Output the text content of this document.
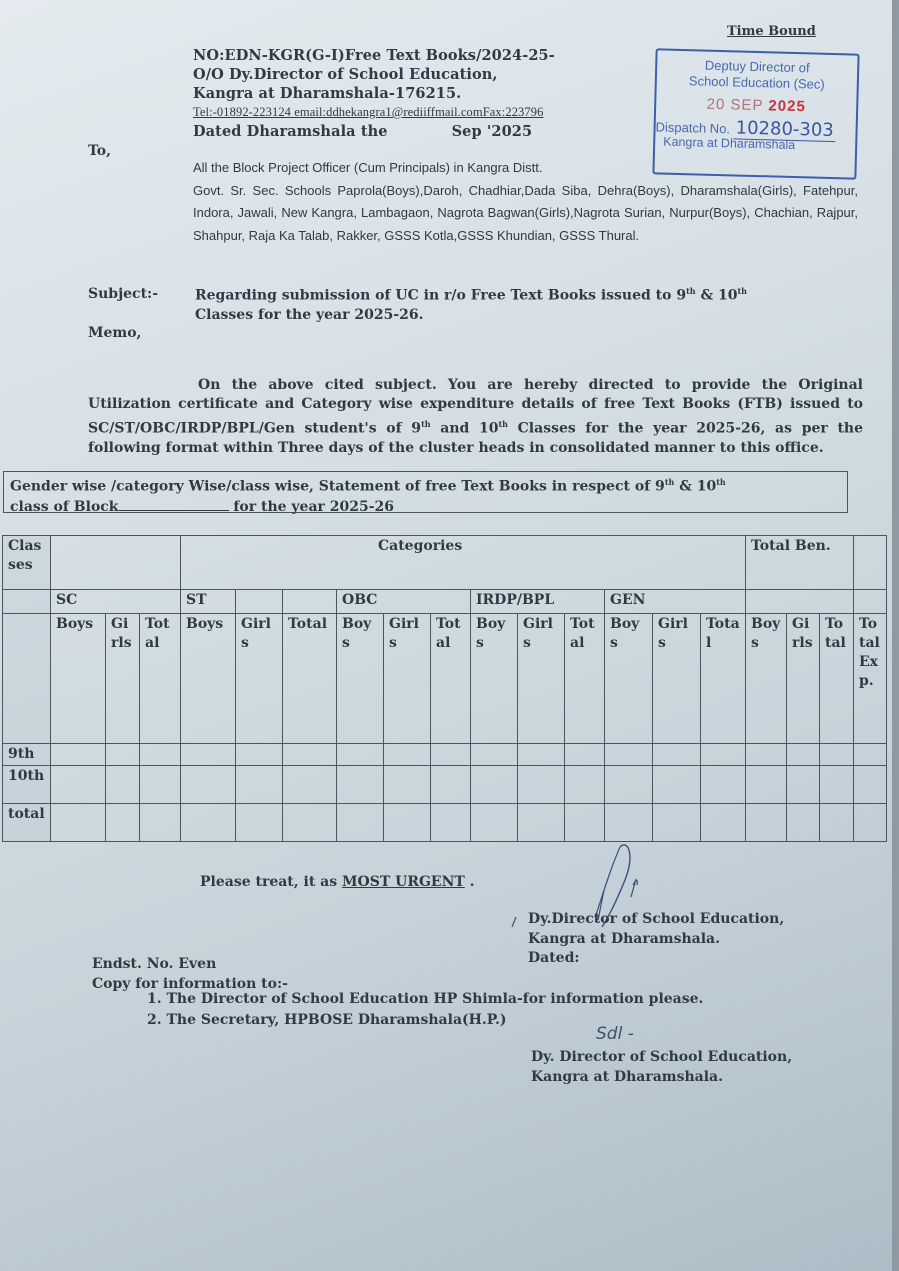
Time Bound
NO:EDN-KGR(G-I)Free Text Books/2024-25-
O/O Dy.Director of School Education,
Kangra at Dharamshala-176215.
Tel:-01892-223124 email:ddhekangra1@rediiffmail.comFax:223796
Dated Dharamshala the	Sep '2025
Deptuy Director of
School Education (Sec)
20 SEP 2025
Dispatch No. 10280-303
Kangra at Dharamshala
To,
All the Block Project Officer (Cum Principals) in Kangra Distt.
Govt. Sr. Sec. Schools Paprola(Boys),Daroh, Chadhiar,Dada Siba, Dehra(Boys), Dharamshala(Girls), Fatehpur, Indora, Jawali, New Kangra, Lambagaon, Nagrota Bagwan(Girls),Nagrota Surian, Nurpur(Boys), Chachian, Rajpur, Shahpur, Raja Ka Talab, Rakker, GSSS Kotla,GSSS Khundian, GSSS Thural.
Subject:-	Regarding submission of UC in r/o Free Text Books issued to 9th & 10th
Classes for the year 2025-26.
Memo,
On the above cited subject. You are hereby directed to provide the Original Utilization certificate and Category wise expenditure details of free Text Books (FTB) issued to SC/ST/OBC/IRDP/BPL/Gen student's of 9th and 10th Classes for the year 2025-26, as per the following format within Three days of the cluster heads in consolidated manner to this office.
Gender wise /category Wise/class wise, Statement of free Text Books in respect of 9th & 10th
class of Block	for the year 2025-26
Classes				Categories												Total Ben.			
	SC			ST			OBC			IRDP/BPL			GEN						
	Boys	Girls	Total	Boys	Girls	Total	Boys	Girls	Total	Boys	Girls	Total	Boys	Girls	Total	Boys	Girls	Total	Total Exp.
9th																			
10th																			
total																			
Please treat, it as MOST URGENT .
Dy.Director of School Education,
Kangra at Dharamshala.
Dated:
Endst. No. Even
Copy for information to:-
1. The Director of School Education HP Shimla-for information please.
2. The Secretary, HPBOSE Dharamshala(H.P.)
Sdl -
Dy. Director of School Education,
Kangra at Dharamshala.
